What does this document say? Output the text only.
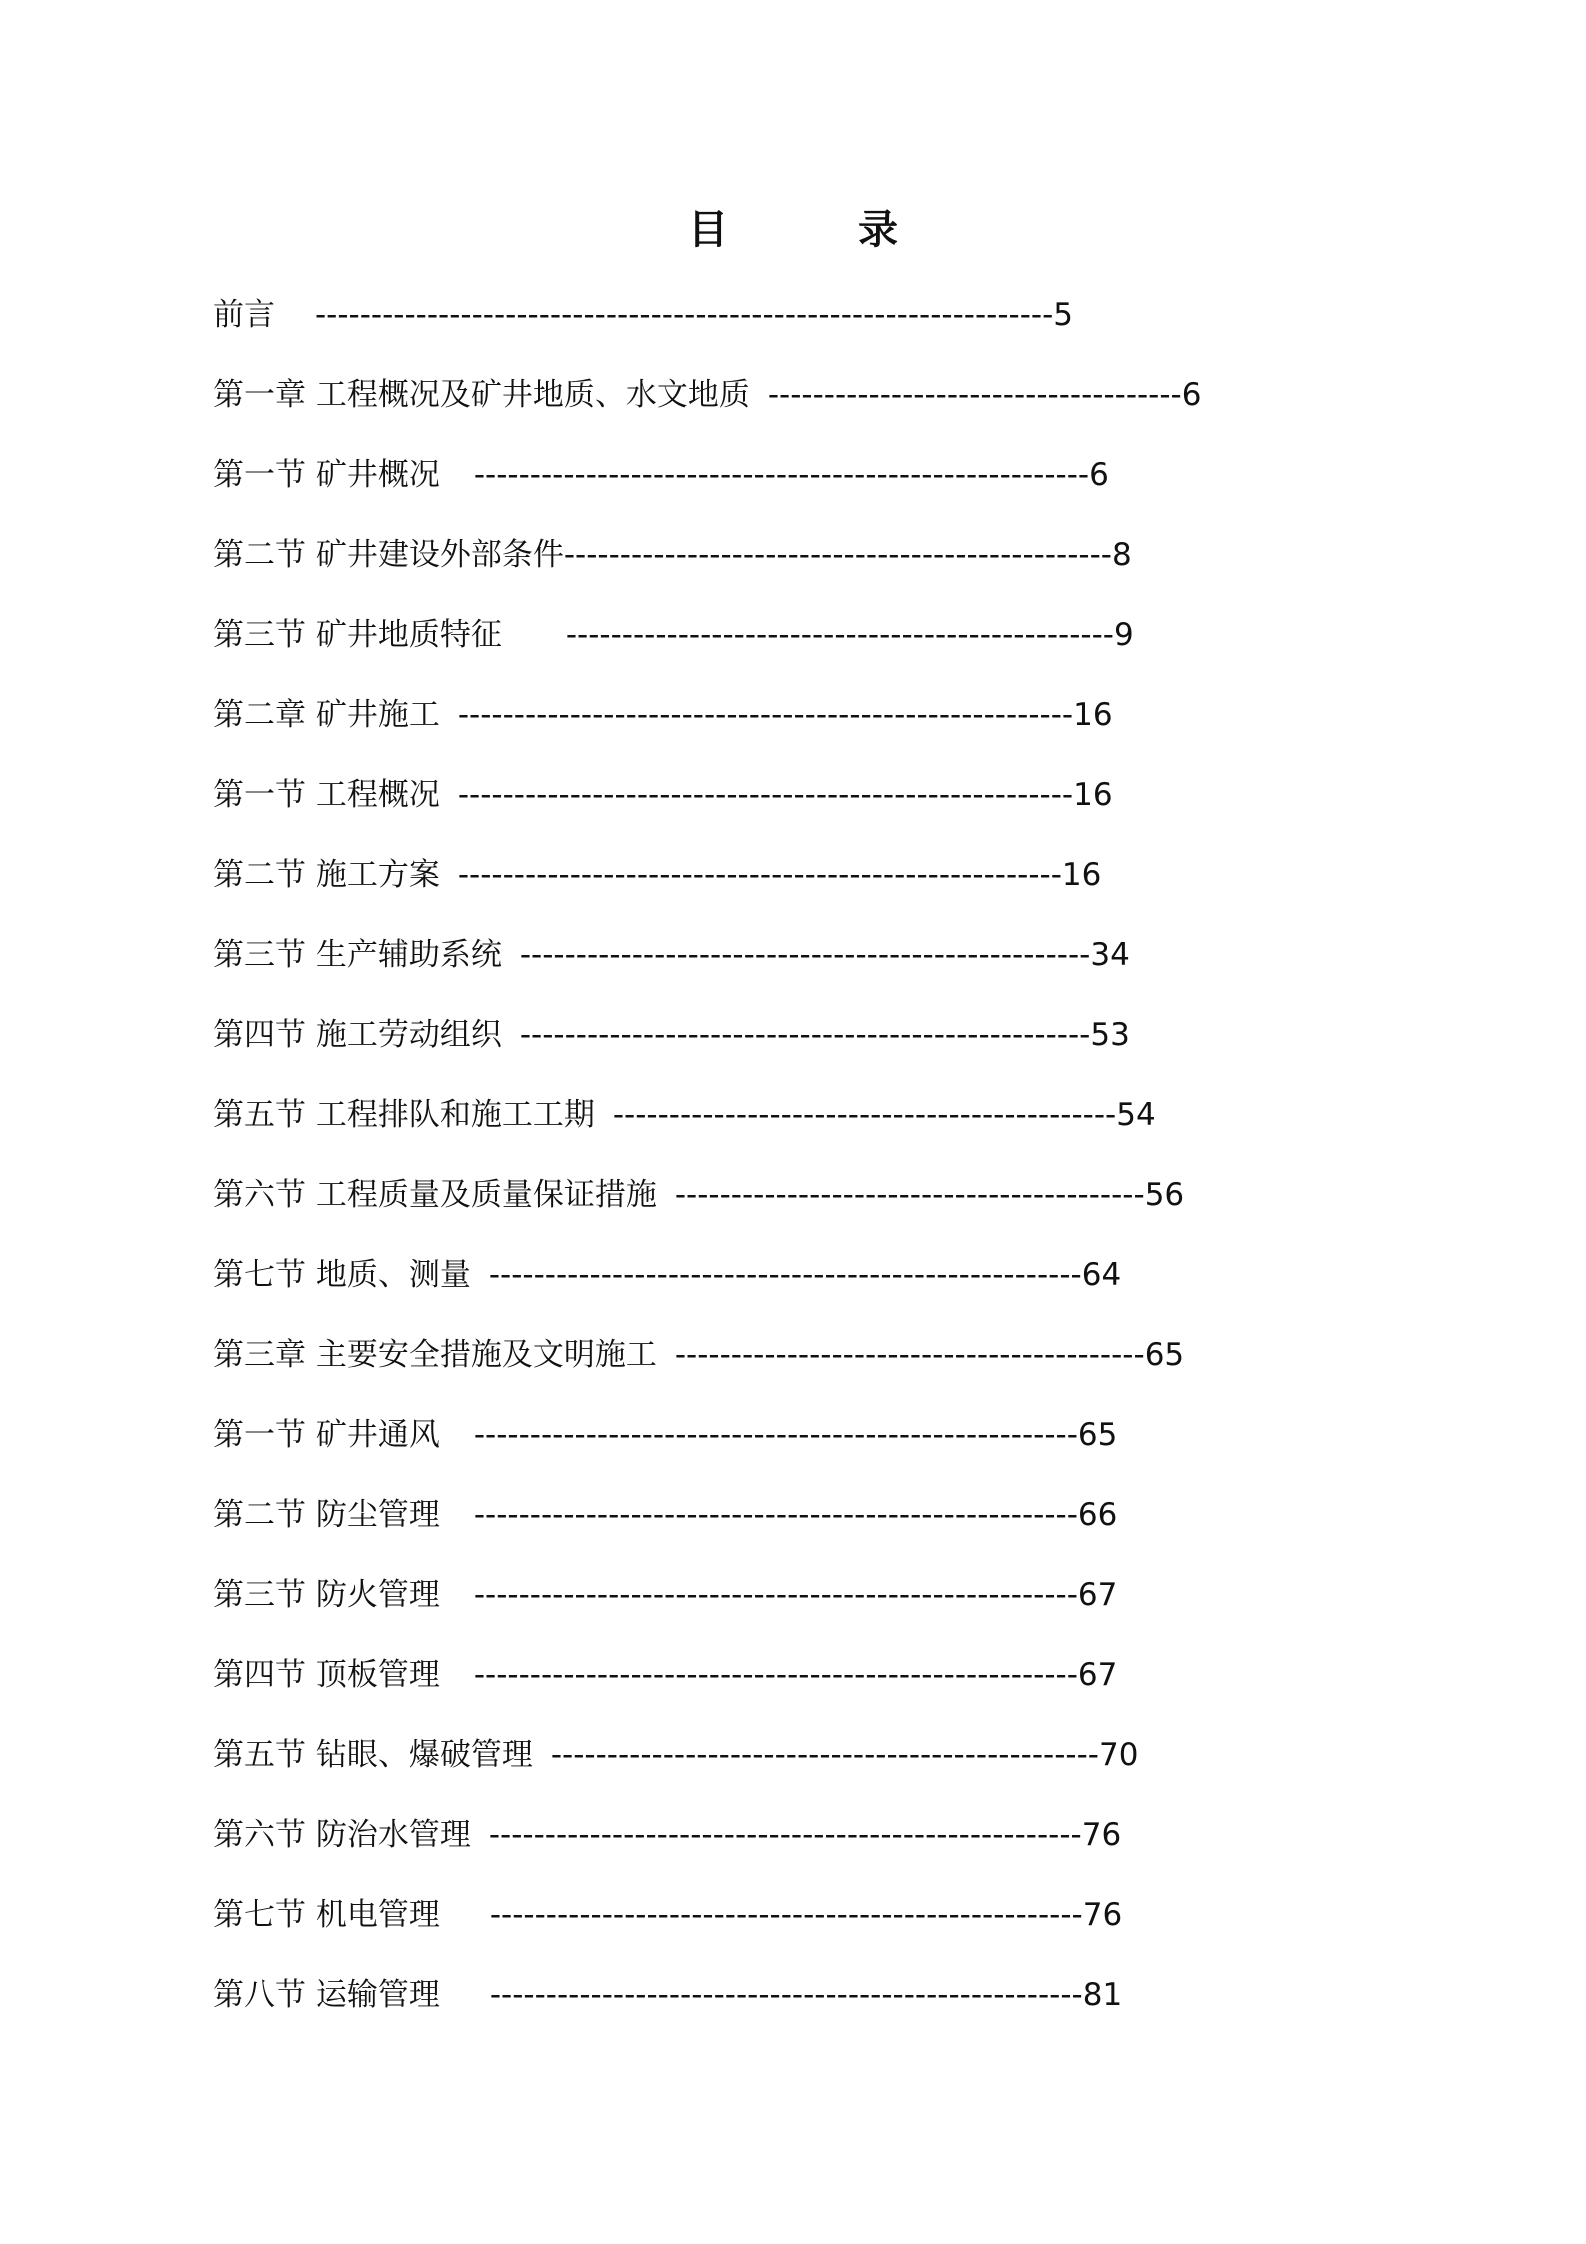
目	录
前言 ------------------------------------------------------------------5
第一章 工程概况及矿井地质、水文地质 -------------------------------------6
第一节 矿井概况 -------------------------------------------------------6
第二节 矿井建设外部条件-------------------------------------------------8
第三节 矿井地质特征 -------------------------------------------------9
第二章 矿井施工 -------------------------------------------------------16
第一节 工程概况 -------------------------------------------------------16
第二节 施工方案 ------------------------------------------------------16
第三节 生产辅助系统 ---------------------------------------------------34
第四节 施工劳动组织 ---------------------------------------------------53
第五节 工程排队和施工工期 ---------------------------------------------54
第六节 工程质量及质量保证措施 ------------------------------------------56
第七节 地质、测量 -----------------------------------------------------64
第三章 主要安全措施及文明施工 ------------------------------------------65
第一节 矿井通风 ------------------------------------------------------65
第二节 防尘管理 ------------------------------------------------------66
第三节 防火管理 ------------------------------------------------------67
第四节 顶板管理 ------------------------------------------------------67
第五节 钻眼、爆破管理 -------------------------------------------------70
第六节 防治水管理 -----------------------------------------------------76
第七节 机电管理 -----------------------------------------------------76
第八节 运输管理 -----------------------------------------------------81
